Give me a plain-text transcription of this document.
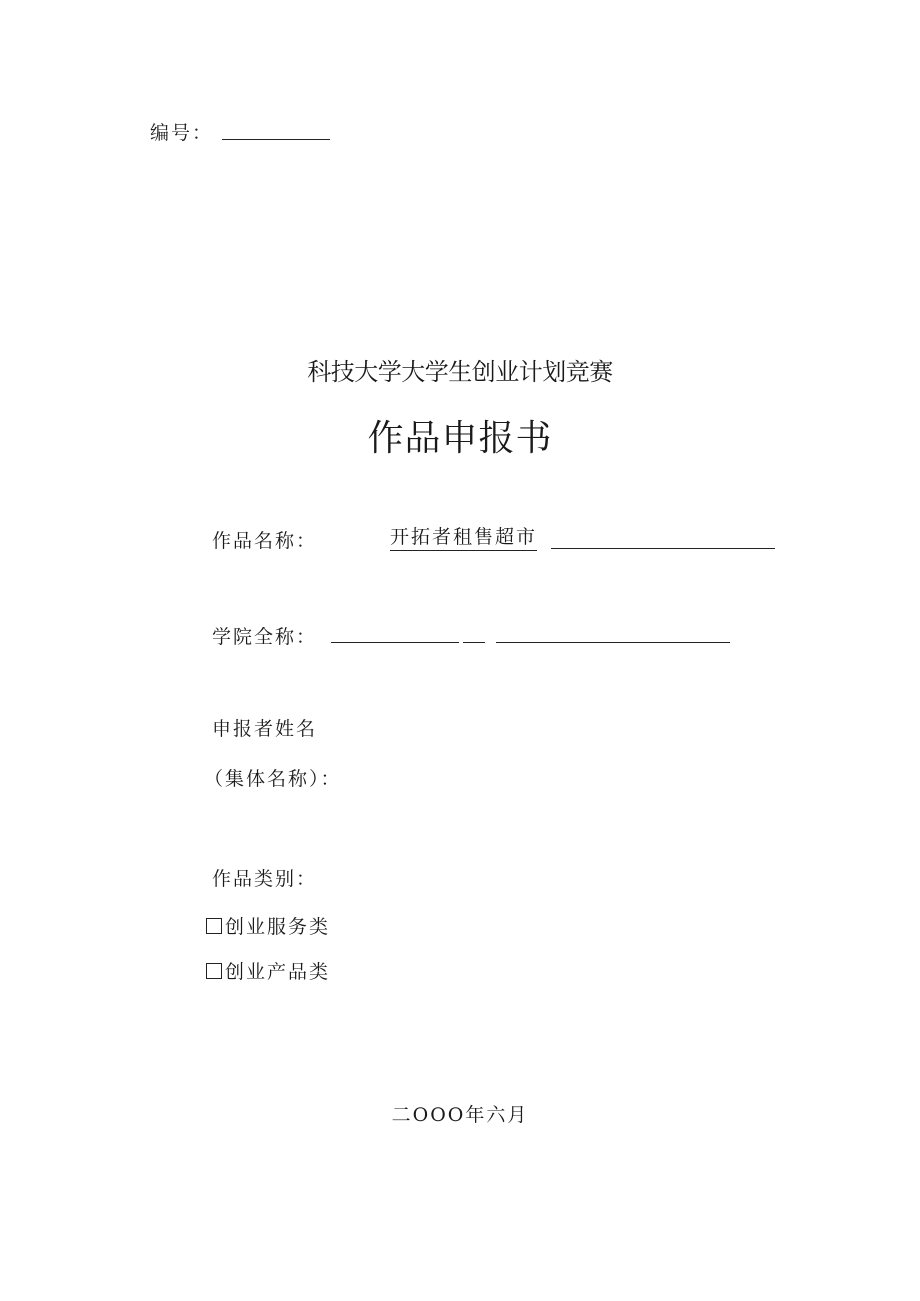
编号：
科技大学大学生创业计划竞赛
作品申报书
作品名称：	开拓者租售超市
学院全称：
申报者姓名
（集体名称）：
作品类别：
创业服务类
创业产品类
二OOO年六月
